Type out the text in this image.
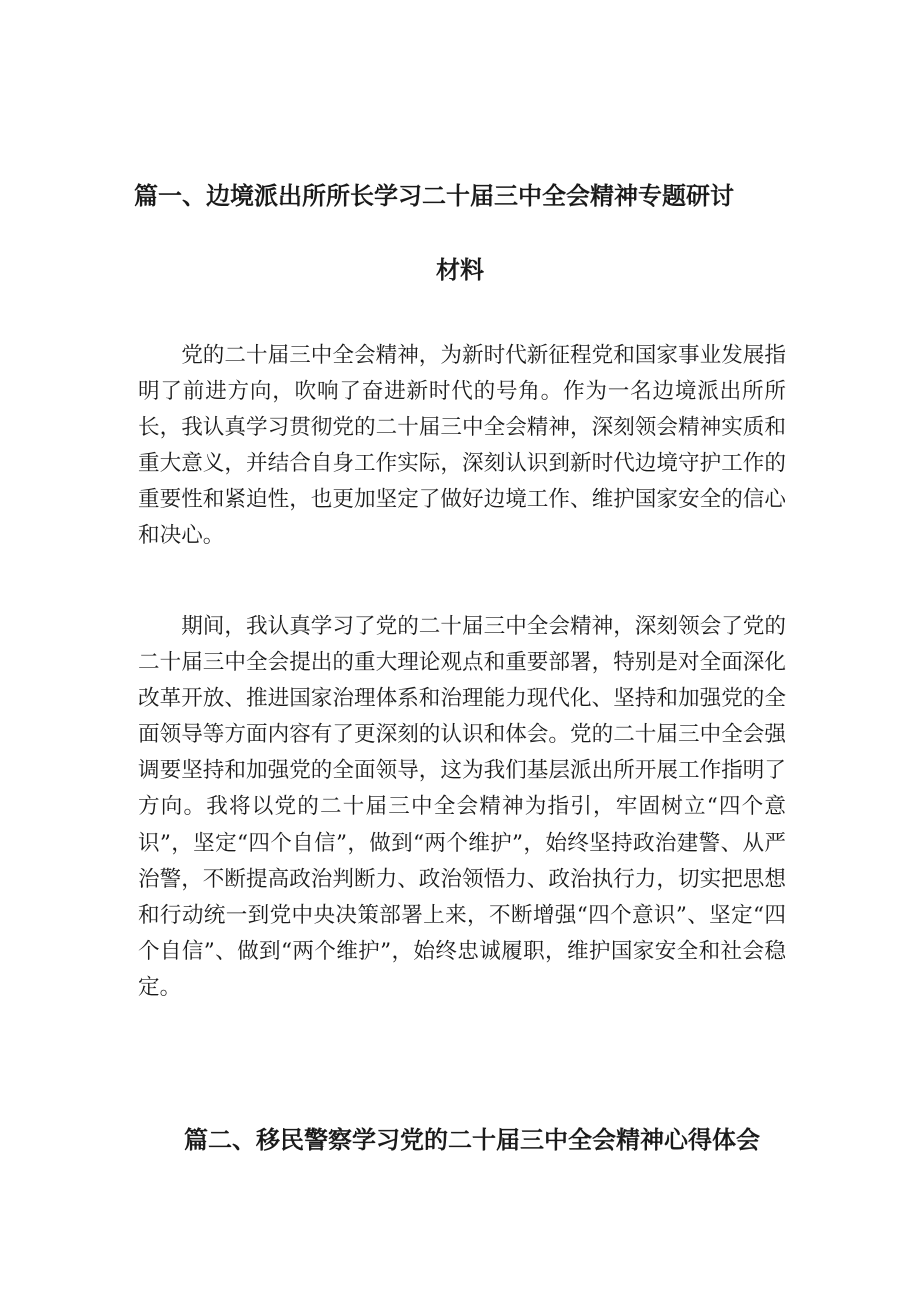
篇一、边境派出所所长学习二十届三中全会精神专题研讨
材料

党的二十届三中全会精神，为新时代新征程党和国家事业发展指明了前进方向，吹响了奋进新时代的号角。作为一名边境派出所所长，我认真学习贯彻党的二十届三中全会精神，深刻领会精神实质和重大意义，并结合自身工作实际，深刻认识到新时代边境守护工作的重要性和紧迫性，也更加坚定了做好边境工作、维护国家安全的信心和决心。

期间，我认真学习了党的二十届三中全会精神，深刻领会了党的二十届三中全会提出的重大理论观点和重要部署，特别是对全面深化改革开放、推进国家治理体系和治理能力现代化、坚持和加强党的全面领导等方面内容有了更深刻的认识和体会。党的二十届三中全会强调要坚持和加强党的全面领导，这为我们基层派出所开展工作指明了方向。我将以党的二十届三中全会精神为指引，牢固树立“四个意识”，坚定“四个自信”，做到“两个维护”，始终坚持政治建警、从严治警，不断提高政治判断力、政治领悟力、政治执行力，切实把思想和行动统一到党中央决策部署上来，不断增强“四个意识”、坚定“四个自信”、做到“两个维护”，始终忠诚履职，维护国家安全和社会稳定。

篇二、移民警察学习党的二十届三中全会精神心得体会
